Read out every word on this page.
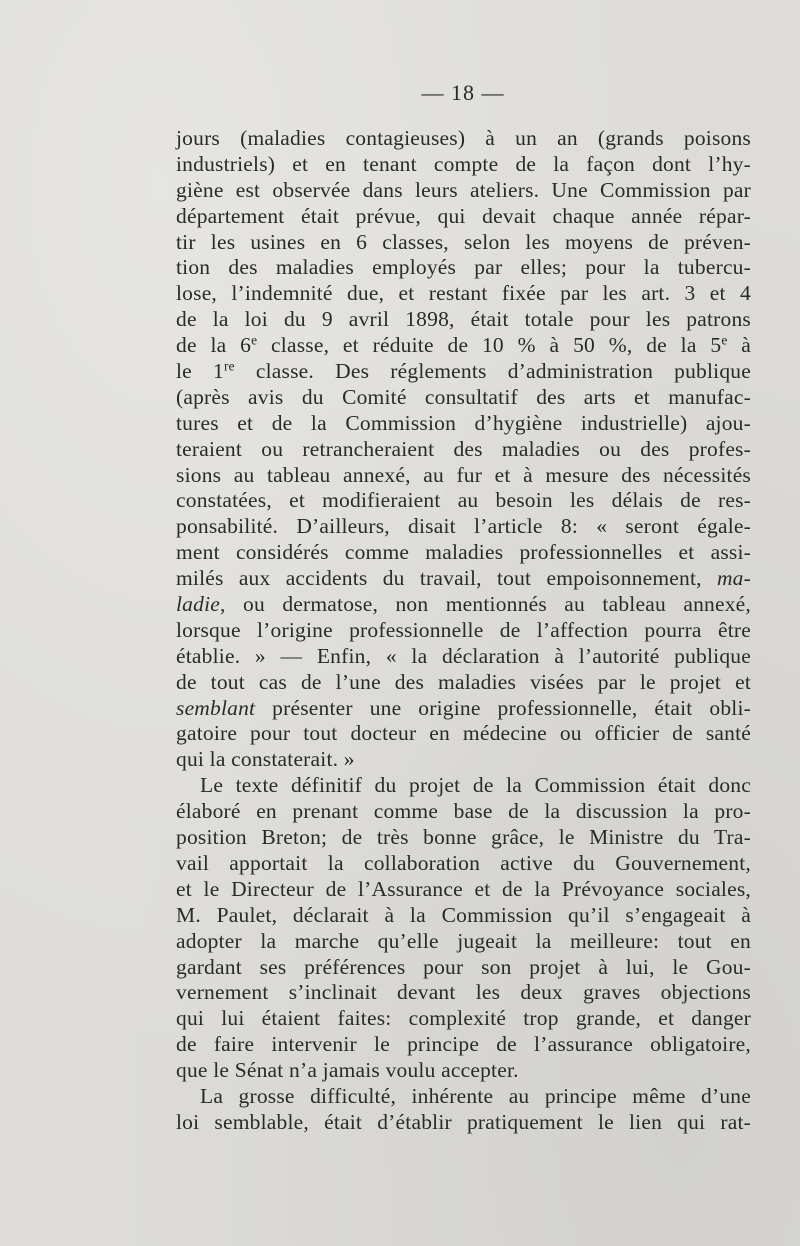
— 18 —
jours (maladies contagieuses) à un an (grands poisons
industriels) et en tenant compte de la façon dont l’hy-
giène est observée dans leurs ateliers. Une Commission par
département était prévue, qui devait chaque année répar-
tir les usines en 6 classes, selon les moyens de préven-
tion des maladies employés par elles; pour la tubercu-
lose, l’indemnité due, et restant fixée par les art. 3 et 4
de la loi du 9 avril 1898, était totale pour les patrons
de la 6e classe, et réduite de 10 % à 50 %, de la 5e à
le 1re classe. Des réglements d’administration publique
(après avis du Comité consultatif des arts et manufac-
tures et de la Commission d’hygiène industrielle) ajou-
teraient ou retrancheraient des maladies ou des profes-
sions au tableau annexé, au fur et à mesure des nécessités
constatées, et modifieraient au besoin les délais de res-
ponsabilité. D’ailleurs, disait l’article 8: « seront égale-
ment considérés comme maladies professionnelles et assi-
milés aux accidents du travail, tout empoisonnement, ma-
ladie, ou dermatose, non mentionnés au tableau annexé,
lorsque l’origine professionnelle de l’affection pourra être
établie. » — Enfin, « la déclaration à l’autorité publique
de tout cas de l’une des maladies visées par le projet et
semblant présenter une origine professionnelle, était obli-
gatoire pour tout docteur en médecine ou officier de santé
qui la constaterait. »
Le texte définitif du projet de la Commission était donc
élaboré en prenant comme base de la discussion la pro-
position Breton; de très bonne grâce, le Ministre du Tra-
vail apportait la collaboration active du Gouvernement,
et le Directeur de l’Assurance et de la Prévoyance sociales,
M. Paulet, déclarait à la Commission qu’il s’engageait à
adopter la marche qu’elle jugeait la meilleure: tout en
gardant ses préférences pour son projet à lui, le Gou-
vernement s’inclinait devant les deux graves objections
qui lui étaient faites: complexité trop grande, et danger
de faire intervenir le principe de l’assurance obligatoire,
que le Sénat n’a jamais voulu accepter.
La grosse difficulté, inhérente au principe même d’une
loi semblable, était d’établir pratiquement le lien qui rat-
